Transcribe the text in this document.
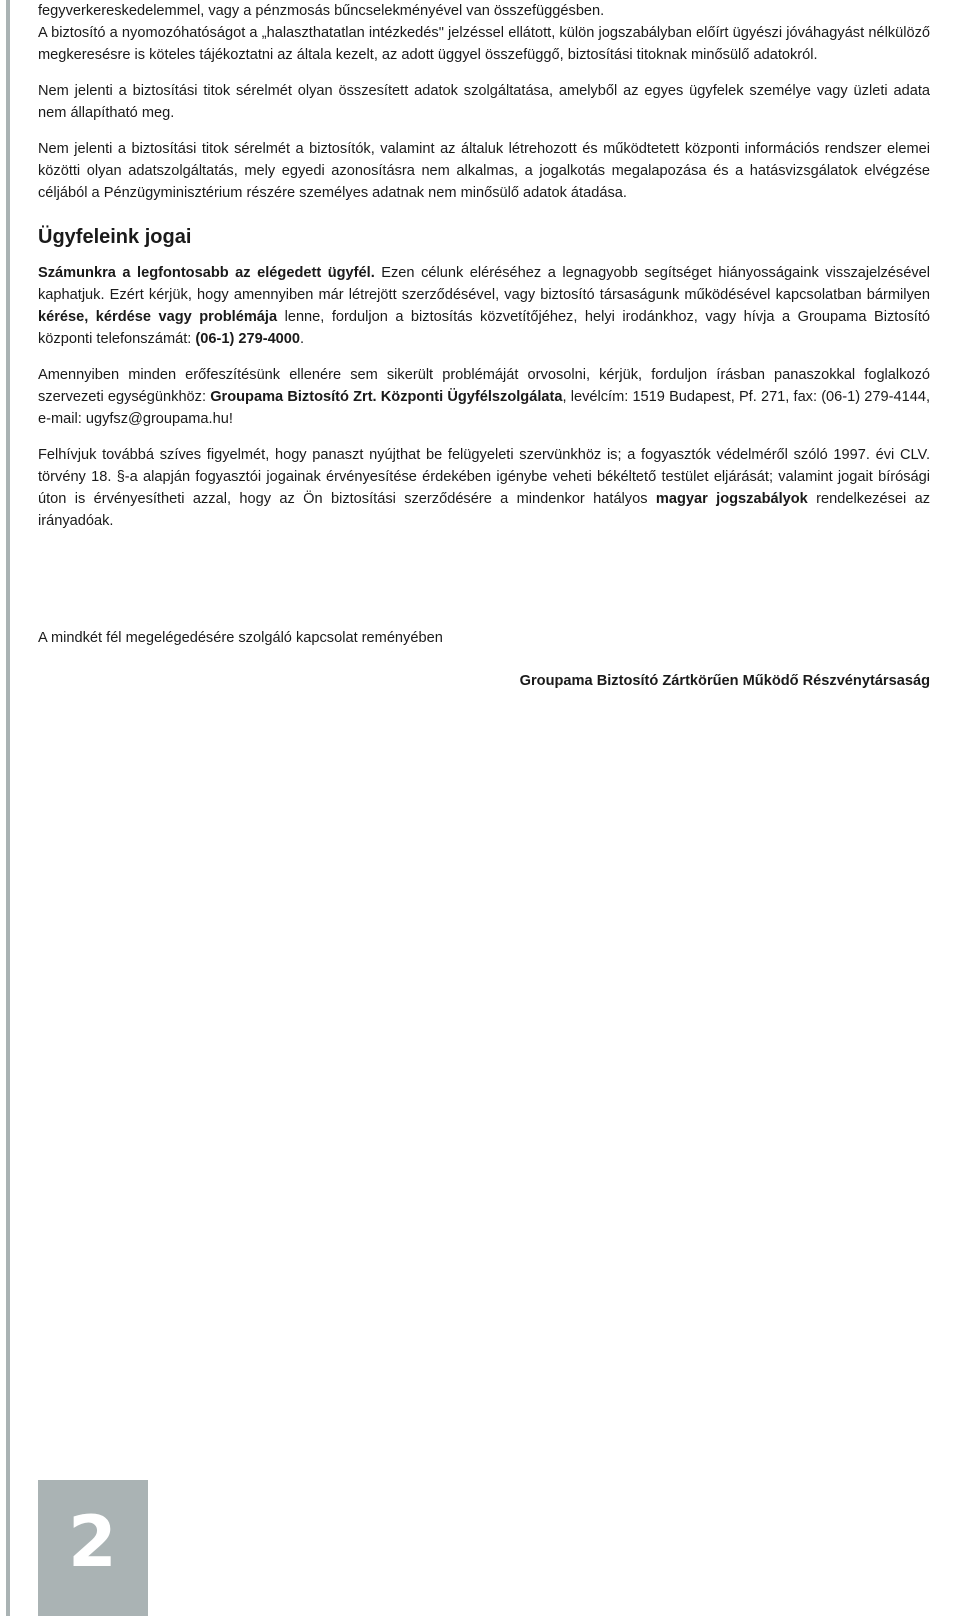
fegyverkereskedelemmel, vagy a pénzmosás bűncselekményével van összefüggésben.

A biztosító a nyomozóhatóságot a „halaszthatatlan intézkedés" jelzéssel ellátott, külön jogszabályban előírt ügyészi jóváhagyást nélkülöző megkeresésre is köteles tájékoztatni az általa kezelt, az adott üggyel összefüggő, biztosítási titoknak minősülő adatokról.

Nem jelenti a biztosítási titok sérelmét olyan összesített adatok szolgáltatása, amelyből az egyes ügyfelek személye vagy üzleti adata nem állapítható meg.

Nem jelenti a biztosítási titok sérelmét a biztosítók, valamint az általuk létrehozott és működtetett központi információs rendszer elemei közötti olyan adatszolgáltatás, mely egyedi azonosításra nem alkalmas, a jogalkotás megalapozása és a hatásvizsgálatok elvégzése céljából a Pénzügyminisztérium részére személyes adatnak nem minősülő adatok átadása.

Ügyfeleink jogai

Számunkra a legfontosabb az elégedett ügyfél. Ezen célunk eléréséhez a legnagyobb segítséget hiányosságaink visszajelzésével kaphatjuk. Ezért kérjük, hogy amennyiben már létrejött szerződésével, vagy biztosító társaságunk működésével kapcsolatban bármilyen kérése, kérdése vagy problémája lenne, forduljon a biztosítás közvetítőjéhez, helyi irodánkhoz, vagy hívja a Groupama Biztosító központi telefonszámát: (06-1) 279-4000.

Amennyiben minden erőfeszítésünk ellenére sem sikerült problémáját orvosolni, kérjük, forduljon írásban panaszokkal foglalkozó szervezeti egységünkhöz: Groupama Biztosító Zrt. Központi Ügyfélszolgálata, levélcím: 1519 Budapest, Pf. 271, fax: (06-1) 279-4144, e-mail: ugyfsz@groupama.hu!

Felhívjuk továbbá szíves figyelmét, hogy panaszt nyújthat be felügyeleti szervünkhöz is; a fogyasztók védelméről szóló 1997. évi CLV. törvény 18. §-a alapján fogyasztói jogainak érvényesítése érdekében igénybe veheti békéltető testület eljárását; valamint jogait bírósági úton is érvényesítheti azzal, hogy az Ön biztosítási szerződésére a mindenkor hatályos magyar jogszabályok rendelkezései az irányadóak.

A mindkét fél megelégedésére szolgáló kapcsolat reményében
Groupama Biztosító Zártkörűen Működő Részvénytársaság
2
